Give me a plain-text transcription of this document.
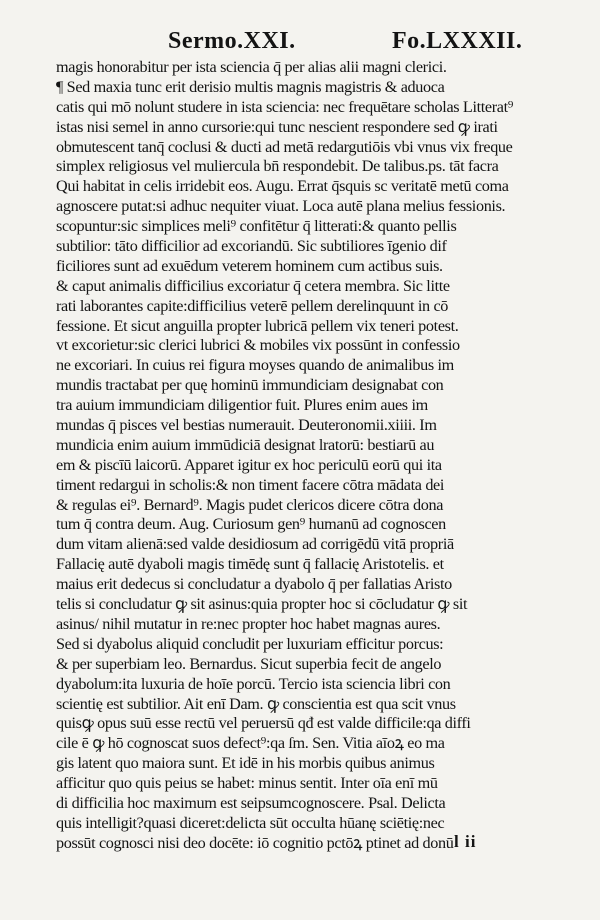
Sermo.XXI.	Fo.LXXXII.
magis honorabitur per ista sciencia q̄ per alias alii magni clerici.
¶ Sed maxia tunc erit derisio multis magnis magistris & aduoca
catis qui mō nolunt studere in ista sciencia: nec frequētare scholas Litterat⁹
istas nisi semel in anno cursorie:qui tunc nescient respondere sed ꝙ irati
obmutescent tanq̄ coclusi & ducti ad metā redargutiōis vbi vnus vix freque
simplex religiosus vel muliercula bn̄ respondebit. De talibus.ps. tāt facra
Qui habitat in celis irridebit eos. Augu. Errat q̄squis sc veritatē metū coma
agnoscere putat:si adhuc nequiter viuat. Loca autē plana melius fessionis.
scopuntur:sic simplices meli⁹ confitētur q̄ litterati:& quanto pellis
subtilior: tāto difficilior ad excoriandū. Sic subtiliores īgenio dif
ficiliores sunt ad exuēdum veterem hominem cum actibus suis.
& caput animalis difficilius excoriatur q̄ cetera membra. Sic litte
rati laborantes capite:difficilius veterē pellem derelinquunt in cō
fessione. Et sicut anguilla propter lubricā pellem vix teneri potest.
vt excorietur:sic clerici lubrici & mobiles vix possūnt in confessio
ne excoriari. In cuius rei figura moyses quando de animalibus im
mundis tractabat per quę hominū immundiciam designabat con
tra auium immundiciam diligentior fuit. Plures enim aues im
mundas q̄ pisces vel bestias numerauit. Deuteronomii.xiiii. Im
mundicia enim auium immūdiciā designat lratorū: bestiarū au
em & piscīū laicorū. Apparet igitur ex hoc periculū eorū qui ita
timent redargui in scholis:& non timent facere cōtra mādata dei
& regulas ei⁹. Bernard⁹. Magis pudet clericos dicere cōtra dona
tum q̄ contra deum. Aug. Curiosum gen⁹ humanū ad cognoscen
dum vitam alienā:sed valde desidiosum ad corrigēdū vitā propriā
Fallacię autē dyaboli magis timēdę sunt q̄ fallacię Aristotelis. et
maius erit dedecus si concludatur a dyabolo q̄ per fallatias Aristo
telis si concludatur ꝙ sit asinus:quia propter hoc si cōcludatur ꝙ sit
asinus/ nihil mutatur in re:nec propter hoc habet magnas aures.
Sed si dyabolus aliquid concludit per luxuriam efficitur porcus:
& per superbiam leo. Bernardus. Sicut superbia fecit de angelo
dyabolum:ita luxuria de hoīe porcū. Tercio ista sciencia libri con
scientię est subtilior. Ait enī Dam. ꝙ conscientia est qua scit vnus
quisꝙ opus suū esse rectū vel peruersū qđ est valde difficile:qa diffi
cile ē ꝙ hō cognoscat suos defect⁹:qa ſm. Sen. Vitia aīoꝝ eo ma
gis latent quo maiora sunt. Et idē in his morbis quibus animus
afficitur quo quis peius se habet: minus sentit. Inter oīa enī mū
di difficilia hoc maximum est seipsumcognoscere. Psal. Delicta
quis intelligit?quasi diceret:delicta sūt occulta hūanę sciētię:nec
possūt cognosci nisi deo docēte: iō cognitio pctōꝝ ptinet ad donū l ii
